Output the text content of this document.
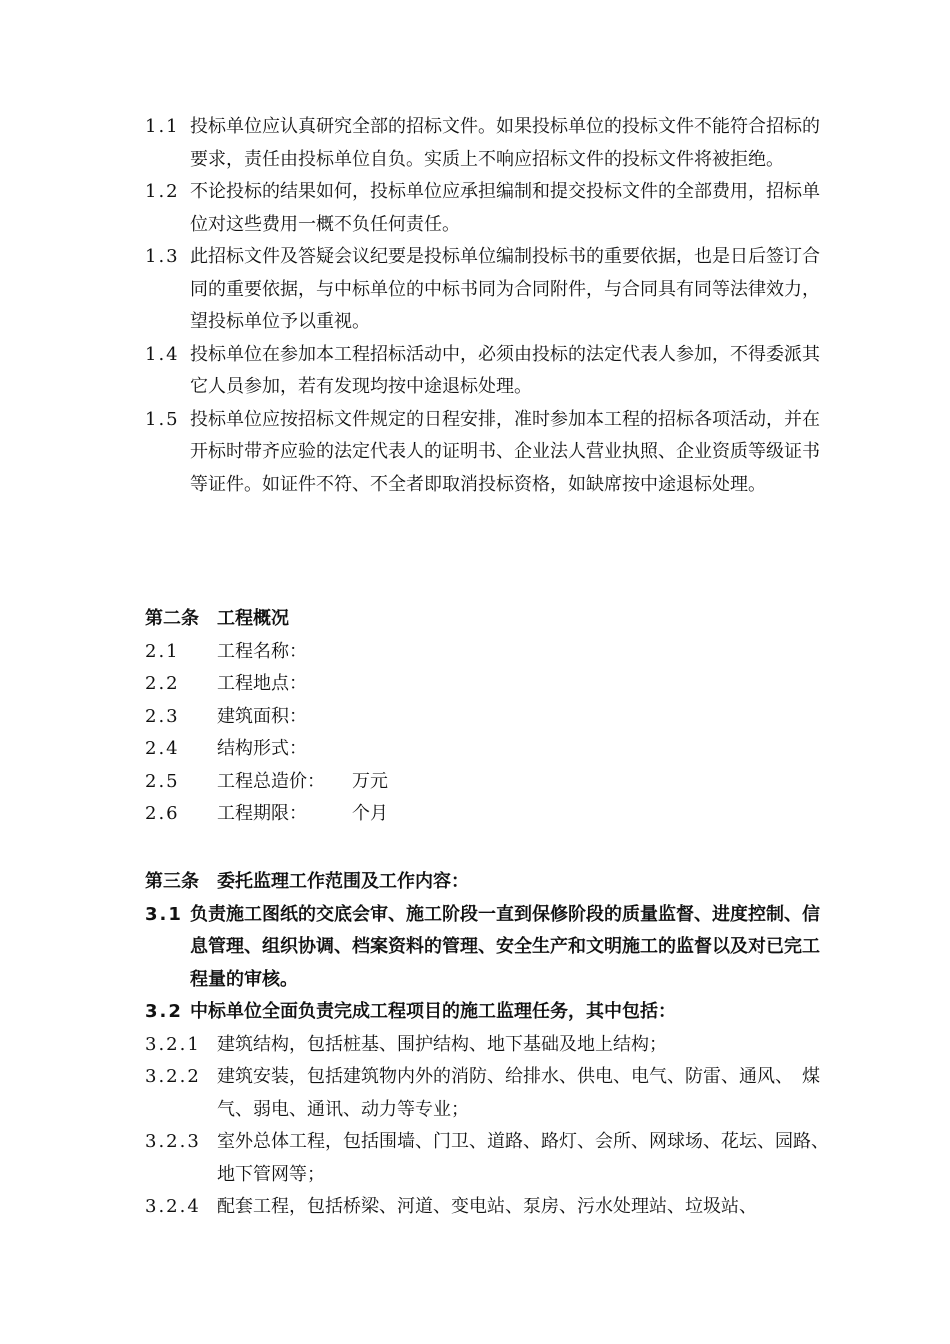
1.1 投标单位应认真研究全部的招标文件。如果投标单位的投标文件不能符合招标的要求，责任由投标单位自负。实质上不响应招标文件的投标文件将被拒绝。
1.2 不论投标的结果如何，投标单位应承担编制和提交投标文件的全部费用，招标单位对这些费用一概不负任何责任。
1.3 此招标文件及答疑会议纪要是投标单位编制投标书的重要依据，也是日后签订合同的重要依据，与中标单位的中标书同为合同附件，与合同具有同等法律效力，望投标单位予以重视。
1.4 投标单位在参加本工程招标活动中，必须由投标的法定代表人参加，不得委派其它人员参加，若有发现均按中途退标处理。
1.5 投标单位应按招标文件规定的日程安排，准时参加本工程的招标各项活动，并在开标时带齐应验的法定代表人的证明书、企业法人营业执照、企业资质等级证书等证件。如证件不符、不全者即取消投标资格，如缺席按中途退标处理。
第二条　工程概况
2.1	工程名称：
2.2	工程地点：
2.3	建筑面积：
2.4	结构形式：
2.5	工程总造价：	万元
2.6	工程期限：	个月
第三条　委托监理工作范围及工作内容：
3.1 负责施工图纸的交底会审、施工阶段一直到保修阶段的质量监督、进度控制、信息管理、组织协调、档案资料的管理、安全生产和文明施工的监督以及对已完工程量的审核。
3.2 中标单位全面负责完成工程项目的施工监理任务，其中包括：
3.2.1 建筑结构，包括桩基、围护结构、地下基础及地上结构；
3.2.2 建筑安装，包括建筑物内外的消防、给排水、供电、电气、防雷、通风、　煤气、弱电、通讯、动力等专业；
3.2.3 室外总体工程，包括围墙、门卫、道路、路灯、会所、网球场、花坛、园路、地下管网等；
3.2.4 配套工程，包括桥梁、河道、变电站、泵房、污水处理站、垃圾站、
